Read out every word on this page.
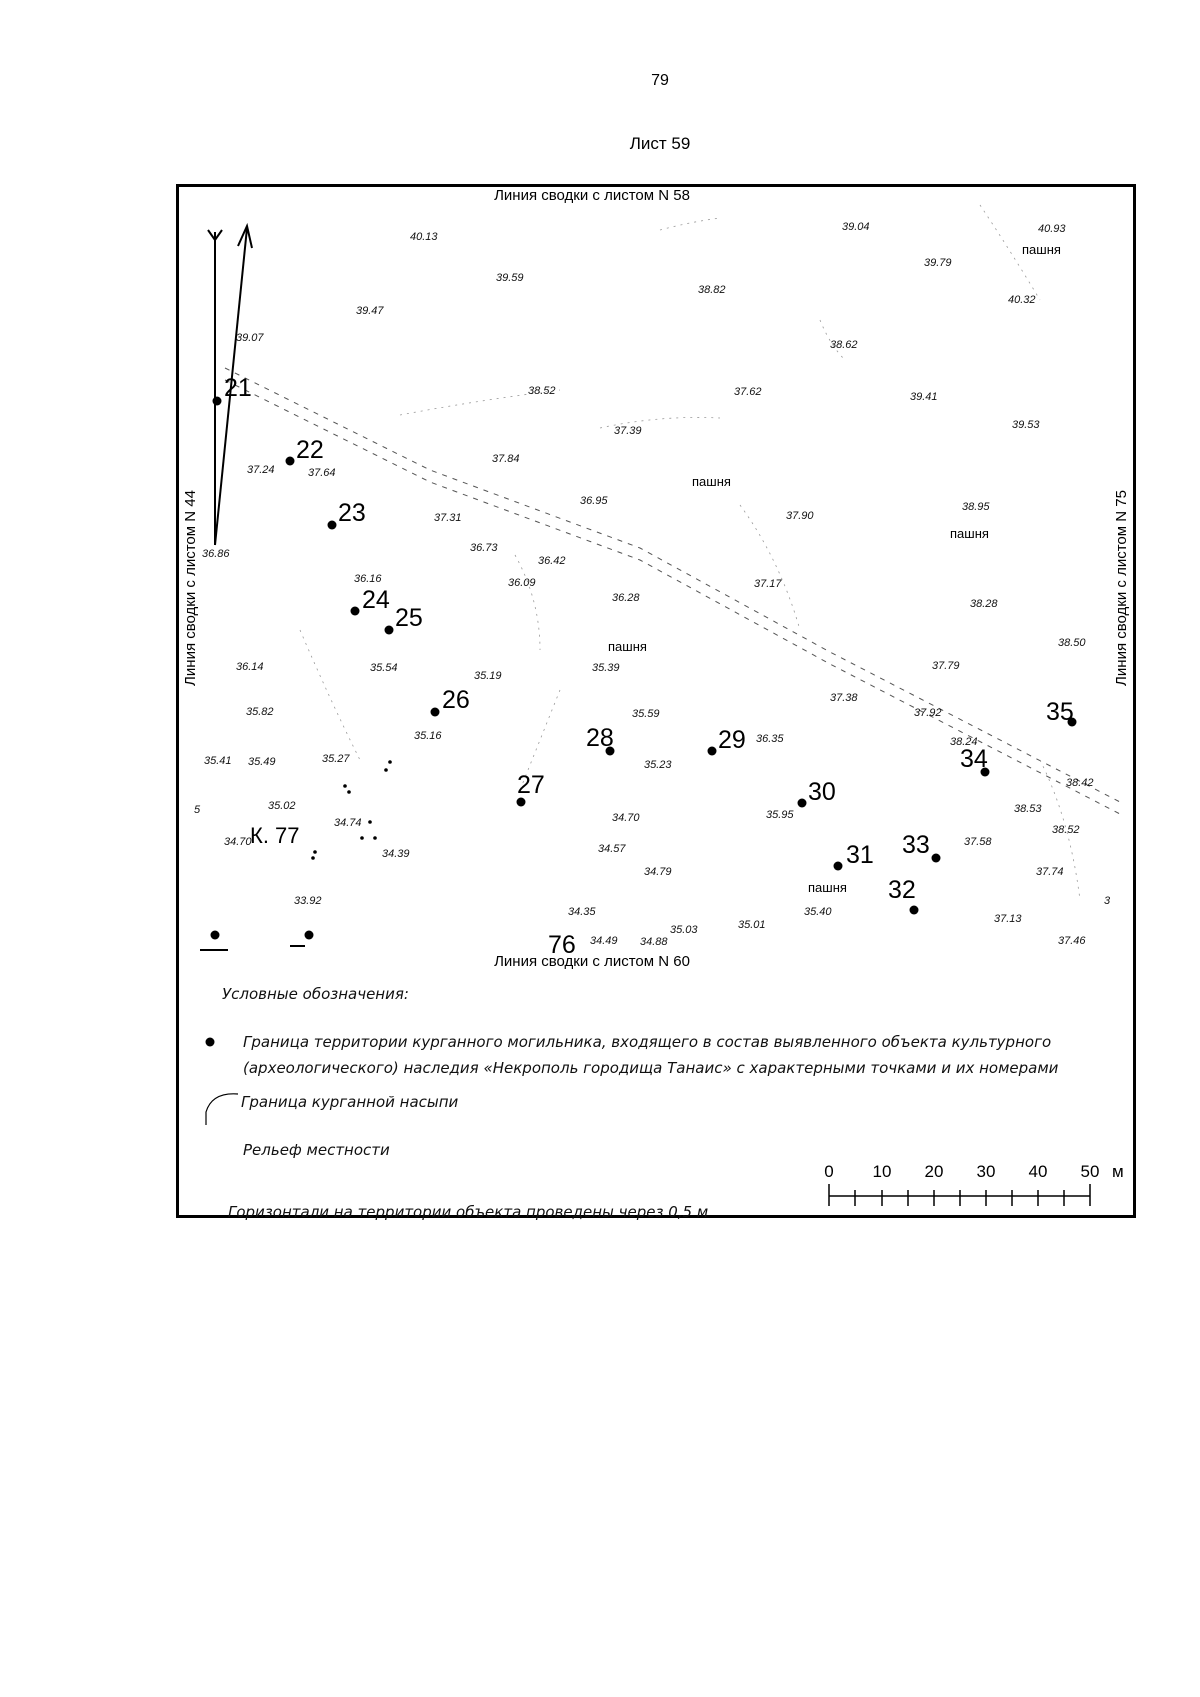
79
Лист 59
Линия сводки с листом N 58
Линия сводки с листом N 60
Линия сводки с листом N 44	Линия сводки с листом N 75
21
22
23
24
25
26
27
28	29
30
31
32
33
34
35
76
К. 77
пашня
пашня
пашня
пашня
пашня
40.13
39.04	40.93
39.79
39.59
38.82
40.32
39.47
39.07
38.62
38.52	37.62	39.41
37.39	39.53
37.24	37.64
37.84
36.95
37.31	37.90
38.95
36.73
36.42
36.86
36.16	36.09
36.28
37.17
38.28
38.50
36.14	35.54
35.19
35.39	37.79
37.38
35.82	35.59	37.92
35.16	36.35	38.24
35.41 35.49	35.27	35.23
38.42
35.02
34.70	35.95	38.53
34.74
34.57
38.52
34.70
34.39
37.58
34.79	37.74
33.92
34.35	35.40
35.01	37.13
35.03
34.49 34.88	37.46
5
3
Условные обозначения:
Граница территории курганного могильника, входящего в состав выявленного объекта культурного
(археологического) наследия «Некрополь городища Танаис» с характерными точками и их номерами
Граница курганной насыпи
Рельеф местности
Горизонтали на территории объекта проведены через 0,5 м
0 10 20 30 40 50 м
